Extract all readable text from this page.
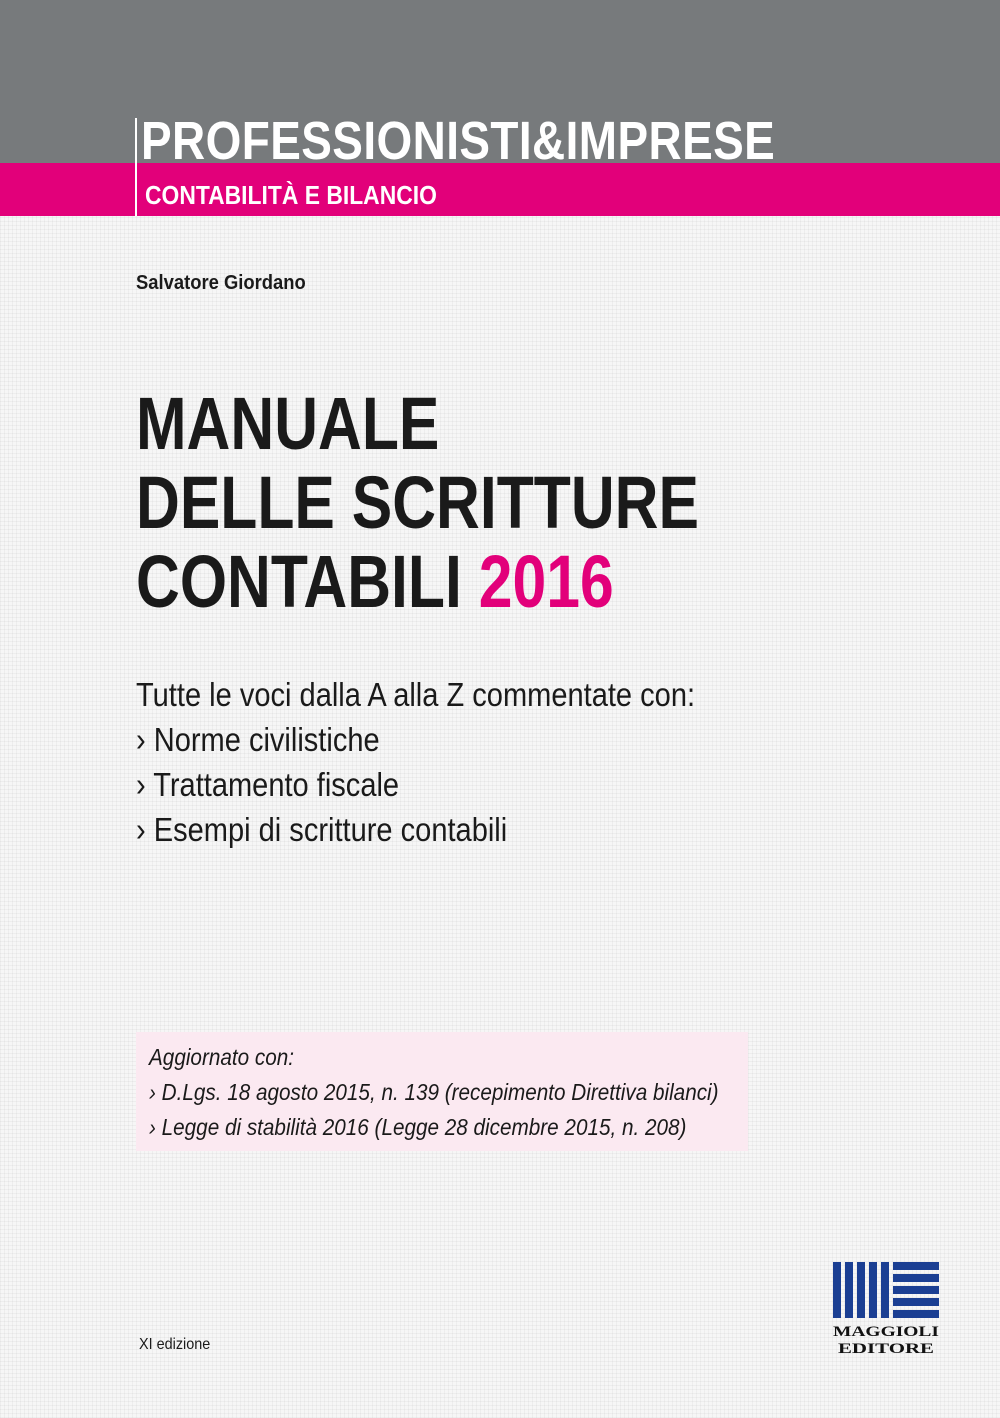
PROFESSIONISTI&IMPRESE
CONTABILITÀ E BILANCIO
Salvatore Giordano
MANUALE
DELLE SCRITTURE
CONTABILI 2016
Tutte le voci dalla A alla Z commentate con:
› Norme civilistiche
› Trattamento fiscale
› Esempi di scritture contabili
Aggiornato con:
› D.Lgs. 18 agosto 2015, n. 139 (recepimento Direttiva bilanci)
› Legge di stabilità 2016 (Legge 28 dicembre 2015, n. 208)
XI edizione
MAGGIOLI
EDITORE
